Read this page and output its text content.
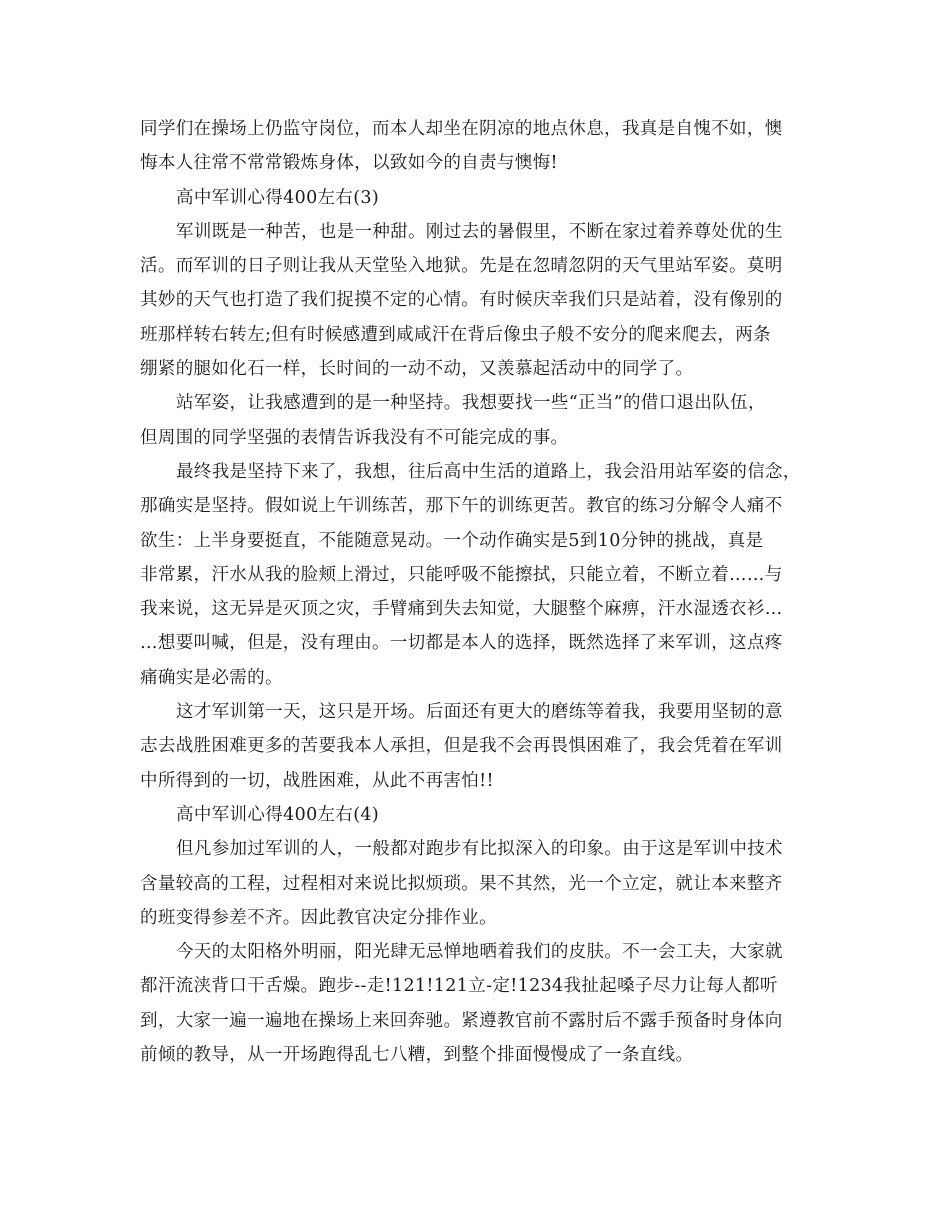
同学们在操场上仍监守岗位，而本人却坐在阴凉的地点休息，我真是自愧不如，懊
悔本人往常不常常锻炼身体，以致如今的自责与懊悔!
高中军训心得400左右(3)
军训既是一种苦，也是一种甜。刚过去的暑假里，不断在家过着养尊处优的生
活。而军训的日子则让我从天堂坠入地狱。先是在忽晴忽阴的天气里站军姿。莫明
其妙的天气也打造了我们捉摸不定的心情。有时候庆幸我们只是站着，没有像别的
班那样转右转左;但有时候感遭到咸咸汗在背后像虫子般不安分的爬来爬去，两条
绷紧的腿如化石一样，长时间的一动不动，又羡慕起活动中的同学了。
站军姿，让我感遭到的是一种坚持。我想要找一些“正当”的借口退出队伍，
但周围的同学坚强的表情告诉我没有不可能完成的事。
最终我是坚持下来了，我想，往后高中生活的道路上，我会沿用站军姿的信念，
那确实是坚持。假如说上午训练苦，那下午的训练更苦。教官的练习分解令人痛不
欲生：上半身要挺直，不能随意晃动。一个动作确实是5到10分钟的挑战，真是
非常累，汗水从我的脸颊上滑过，只能呼吸不能擦拭，只能立着，不断立着……与
我来说，这无异是灭顶之灾，手臂痛到失去知觉，大腿整个麻痹，汗水湿透衣衫…
…想要叫喊，但是，没有理由。一切都是本人的选择，既然选择了来军训，这点疼
痛确实是必需的。
这才军训第一天，这只是开场。后面还有更大的磨练等着我，我要用坚韧的意
志去战胜困难更多的苦要我本人承担，但是我不会再畏惧困难了，我会凭着在军训
中所得到的一切，战胜困难，从此不再害怕!!
高中军训心得400左右(4)
但凡参加过军训的人，一般都对跑步有比拟深入的印象。由于这是军训中技术
含量较高的工程，过程相对来说比拟烦琐。果不其然，光一个立定，就让本来整齐
的班变得参差不齐。因此教官决定分排作业。
今天的太阳格外明丽，阳光肆无忌惮地晒着我们的皮肤。不一会工夫，大家就
都汗流浃背口干舌燥。跑步--走!121!121立-定!1234我扯起嗓子尽力让每人都听
到，大家一遍一遍地在操场上来回奔驰。紧遵教官前不露肘后不露手预备时身体向
前倾的教导，从一开场跑得乱七八糟，到整个排面慢慢成了一条直线。
